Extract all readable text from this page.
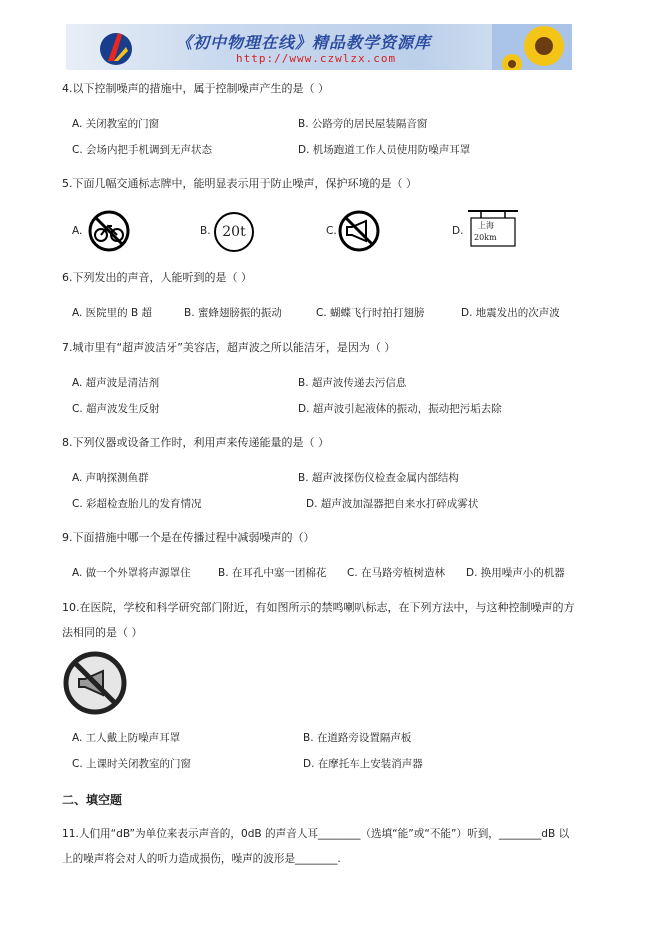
《初中物理在线》精品教学资源库
http://www.czwlzx.com
4.以下控制噪声的措施中，属于控制噪声产生的是（ ）
A. 关闭教室的门窗	B. 公路旁的居民屋装隔音窗
C. 会场内把手机调到无声状态	D. 机场跑道工作人员使用防噪声耳罩
5.下面几幅交通标志牌中，能明显表示用于防止噪声，保护环境的是（ ）
A.	B. 20t	C.	D. 上海
20km
6.下列发出的声音，人能听到的是（ ）
A. 医院里的 B 超	B. 蜜蜂翅膀振的振动	C. 蝴蝶飞行时拍打翅膀	D. 地震发出的次声波
7.城市里有“超声波洁牙”美容店，超声波之所以能洁牙，是因为（ ）
A. 超声波是清洁剂	B. 超声波传递去污信息
C. 超声波发生反射	D. 超声波引起液体的振动，振动把污垢去除
8.下列仪器或设备工作时，利用声来传递能量的是（ ）
A. 声呐探测鱼群	B. 超声波探伤仪检查金属内部结构
C. 彩超检查胎儿的发育情况	D. 超声波加湿器把自来水打碎成雾状
9.下面措施中哪一个是在传播过程中减弱噪声的（）
A. 做一个外罩将声源罩住	B. 在耳孔中塞一团棉花 C. 在马路旁植树造林 D. 换用噪声小的机器
10.在医院，学校和科学研究部门附近，有如图所示的禁鸣喇叭标志，在下列方法中，与这种控制噪声的方
法相同的是（ ）
A. 工人戴上防噪声耳罩	B. 在道路旁设置隔声板
C. 上课时关闭教室的门窗	D. 在摩托车上安装消声器
二、填空题
11.人们用“dB”为单位来表示声音的，0dB 的声音人耳________（选填“能”或“不能”）听到，________dB 以
上的噪声将会对人的听力造成损伤，噪声的波形是________.
